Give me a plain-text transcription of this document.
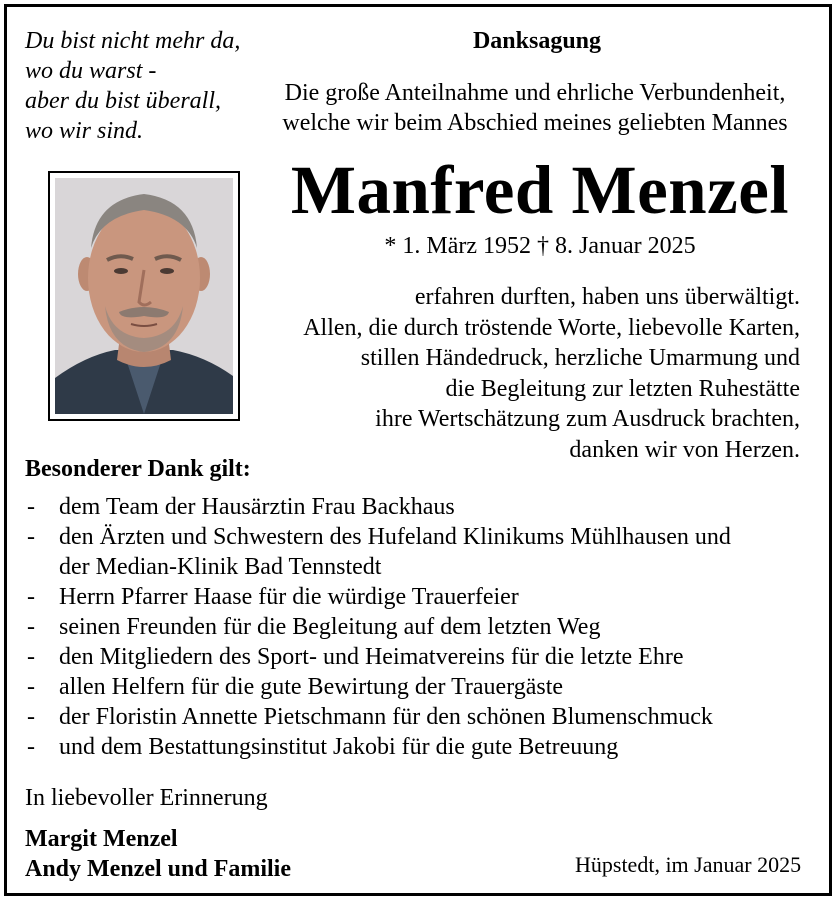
Du bist nicht mehr da,
wo du warst -
aber du bist überall,
wo wir sind.
Danksagung
Die große Anteilnahme und ehrliche Verbundenheit,
welche wir beim Abschied meines geliebten Mannes
Manfred Menzel
* 1. März 1952 † 8. Januar 2025
erfahren durften, haben uns überwältigt.
Allen, die durch tröstende Worte, liebevolle Karten,
stillen Händedruck, herzliche Umarmung und
die Begleitung zur letzten Ruhestätte
ihre Wertschätzung zum Ausdruck brachten,
danken wir von Herzen.
Besonderer Dank gilt:
- dem Team der Hausärztin Frau Backhaus
- den Ärzten und Schwestern des Hufeland Klinikums Mühlhausen und
der Median-Klinik Bad Tennstedt
- Herrn Pfarrer Haase für die würdige Trauerfeier
- seinen Freunden für die Begleitung auf dem letzten Weg
- den Mitgliedern des Sport- und Heimatvereins für die letzte Ehre
- allen Helfern für die gute Bewirtung der Trauergäste
- der Floristin Annette Pietschmann für den schönen Blumenschmuck
- und dem Bestattungsinstitut Jakobi für die gute Betreuung
In liebevoller Erinnerung
Margit Menzel
Andy Menzel und Familie	Hüpstedt, im Januar 2025
